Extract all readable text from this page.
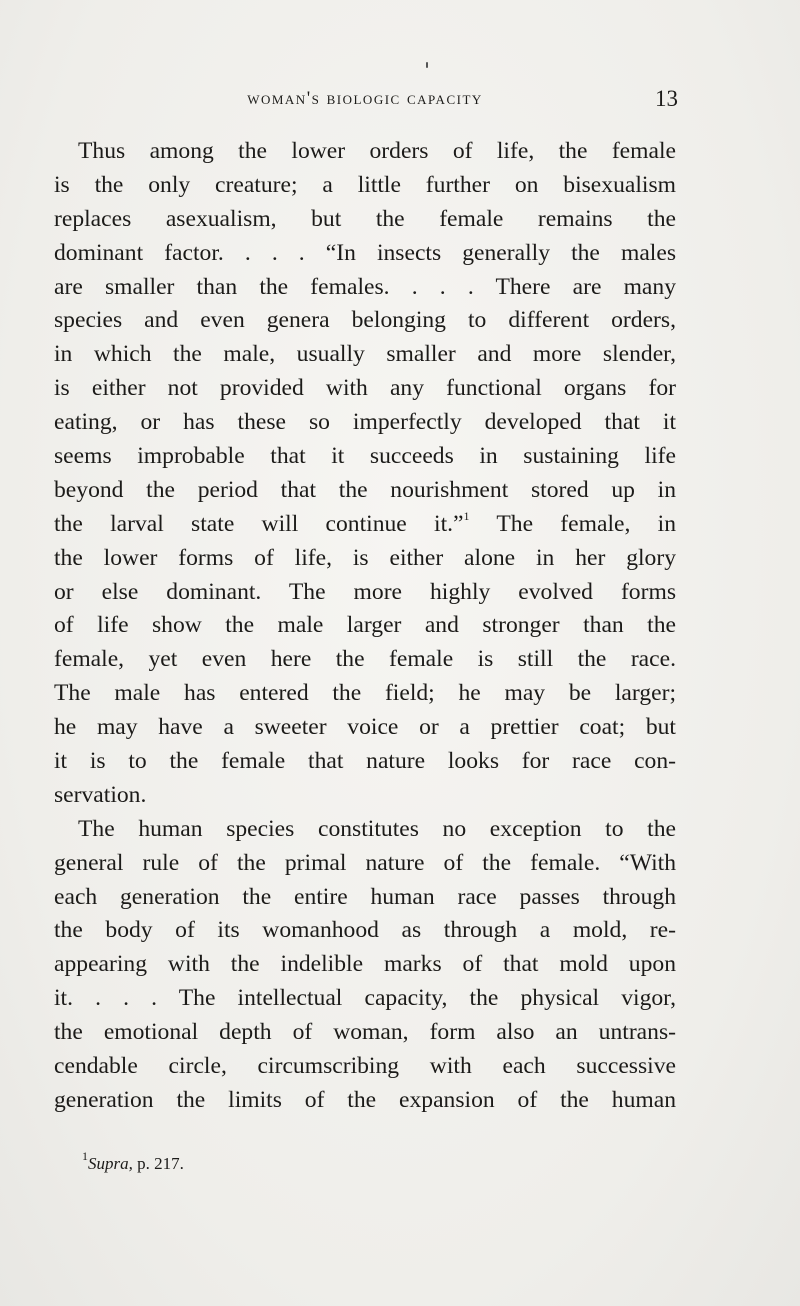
woman's biologic capacity	13
Thus among the lower orders of life, the female
is the only creature; a little further on bisexualism
replaces asexualism, but the female remains the
dominant factor. . . . “In insects generally the males
are smaller than the females. . . . There are many
species and even genera belonging to different orders,
in which the male, usually smaller and more slender,
is either not provided with any functional organs for
eating, or has these so imperfectly developed that it
seems improbable that it succeeds in sustaining life
beyond the period that the nourishment stored up in
the larval state will continue it.”$^1$ The female, in
the lower forms of life, is either alone in her glory
or else dominant. The more highly evolved forms
of life show the male larger and stronger than the
female, yet even here the female is still the race.
The male has entered the field; he may be larger;
he may have a sweeter voice or a prettier coat; but
it is to the female that nature looks for race con-
servation.
The human species constitutes no exception to the
general rule of the primal nature of the female. “With
each generation the entire human race passes through
the body of its womanhood as through a mold, re-
appearing with the indelible marks of that mold upon
it. . . . The intellectual capacity, the physical vigor,
the emotional depth of woman, form also an untrans-
cendable circle, circumscribing with each successive
generation the limits of the expansion of the human
$^1$Supra, p. 217.
